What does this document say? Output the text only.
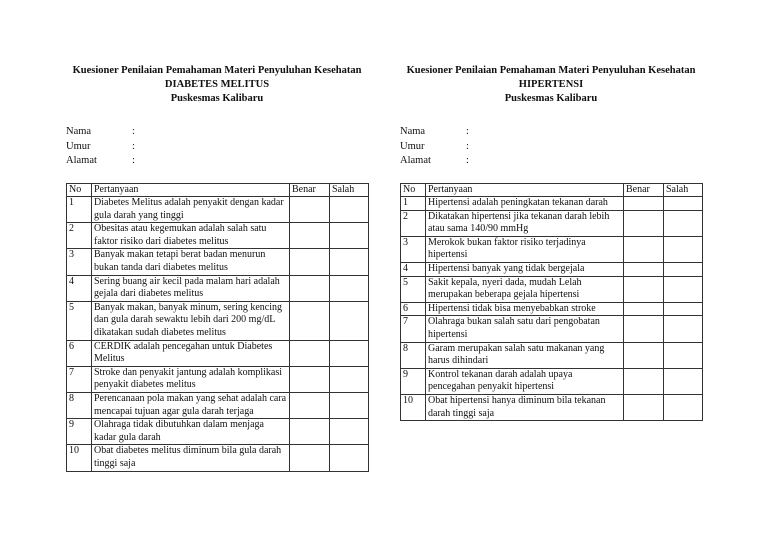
Kuesioner Penilaian Pemahaman Materi Penyuluhan Kesehatan
DIABETES MELITUS
Puskesmas Kalibaru
Nama	:
Umur	:
Alamat	:
No	Pertanyaan	Benar	Salah
1	Diabetes Melitus adalah penyakit dengan kadar gula darah yang tinggi		
2	Obesitas atau kegemukan adalah salah satu faktor risiko dari diabetes melitus		
3	Banyak makan tetapi berat badan menurun bukan tanda dari diabetes melitus		
4	Sering buang air kecil pada malam hari adalah gejala dari diabetes melitus		
5	Banyak makan, banyak minum, sering kencing dan gula darah sewaktu lebih dari 200 mg/dL dikatakan sudah diabetes melitus		
6	CERDIK adalah pencegahan untuk Diabetes Melitus		
7	Stroke dan penyakit jantung adalah komplikasi penyakit diabetes melitus		
8	Perencanaan pola makan yang sehat adalah cara mencapai tujuan agar gula darah terjaga		
9	Olahraga tidak dibutuhkan dalam menjaga kadar gula darah		
10	Obat diabetes melitus diminum bila gula darah tinggi saja		
Kuesioner Penilaian Pemahaman Materi Penyuluhan Kesehatan
HIPERTENSI
Puskesmas Kalibaru
Nama	:
Umur	:
Alamat	:
No	Pertanyaan	Benar	Salah
1	Hipertensi adalah peningkatan tekanan darah		
2	Dikatakan hipertensi jika tekanan darah lebih atau sama 140/90 mmHg		
3	Merokok bukan faktor risiko terjadinya hipertensi		
4	Hipertensi banyak yang tidak bergejala		
5	Sakit kepala, nyeri dada, mudah Lelah merupakan beberapa gejala hipertensi		
6	Hipertensi tidak bisa menyebabkan stroke		
7	Olahraga bukan salah satu dari pengobatan hipertensi		
8	Garam merupakan salah satu makanan yang harus dihindari		
9	Kontrol tekanan darah adalah upaya pencegahan penyakit hipertensi		
10	Obat hipertensi hanya diminum bila tekanan darah tinggi saja		
